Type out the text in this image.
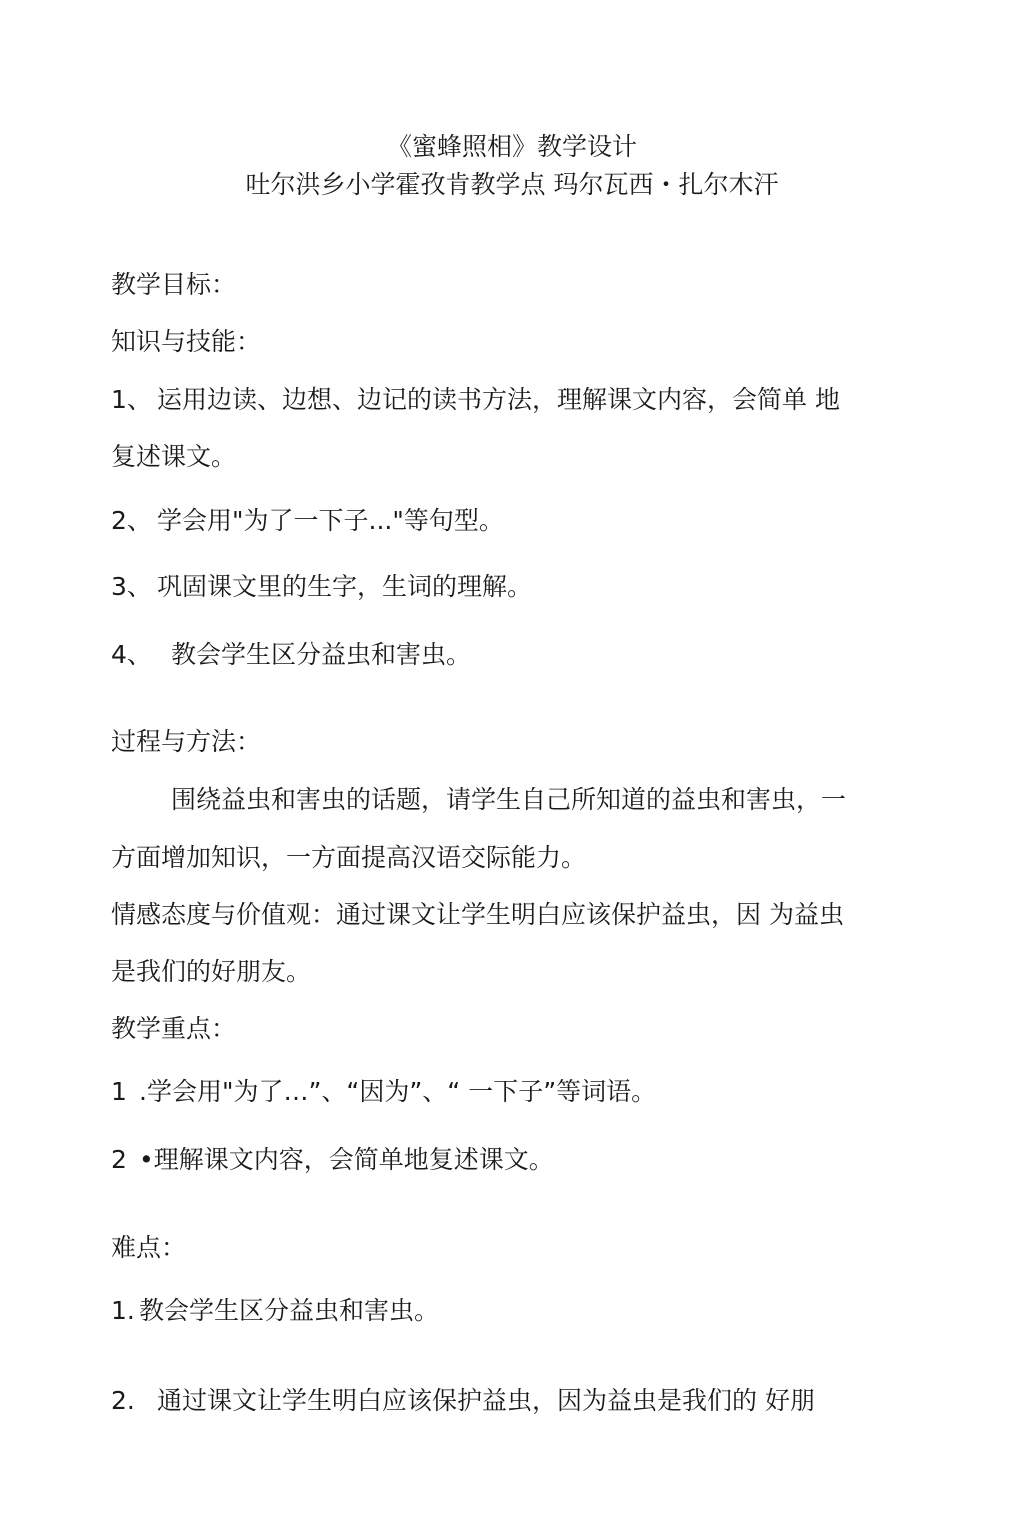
《蜜蜂照相》教学设计
吐尔洪乡小学霍孜肯教学点 玛尔瓦西・扎尔木汗
教学目标：
知识与技能：
1、 运用边读、边想、边记的读书方法，理解课文内容，会简单 地
复述课文。
2、 学会用"为了一下子..."等句型。
3、 巩固课文里的生字，生词的理解。
4、 教会学生区分益虫和害虫。
过程与方法：
围绕益虫和害虫的话题，请学生自己所知道的益虫和害虫，一
方面增加知识，一方面提高汉语交际能力。
情感态度与价值观：通过课文让学生明白应该保护益虫，因 为益虫
是我们的好朋友。
教学重点：
1 .学会用"为了…”、“因为”、“ 一下子”等词语。
2 •理解课文内容，会简单地复述课文。
难点：
1. 教会学生区分益虫和害虫。
2. 通过课文让学生明白应该保护益虫，因为益虫是我们的 好朋
